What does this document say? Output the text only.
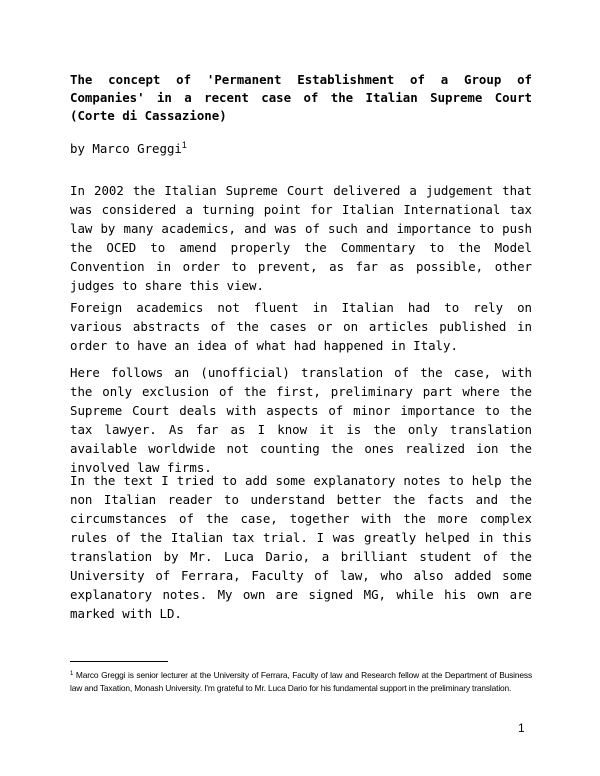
The concept of 'Permanent Establishment of a Group of Companies' in a recent case of the Italian Supreme Court (Corte di Cassazione)
by Marco Greggi$^1$

In 2002 the Italian Supreme Court delivered a judgement that was considered a turning point for Italian International tax law by many academics, and was of such and importance to push the OCED to amend properly the Commentary to the Model Convention in order to prevent, as far as possible, other judges to share this view.

Foreign academics not fluent in Italian had to rely on various abstracts of the cases or on articles published in order to have an idea of what had happened in Italy.

Here follows an (unofficial) translation of the case, with the only exclusion of the first, preliminary part where the Supreme Court deals with aspects of minor importance to the tax lawyer. As far as I know it is the only translation available worldwide not counting the ones realized ion the involved law firms.

In the text I tried to add some explanatory notes to help the non Italian reader to understand better the facts and the circumstances of the case, together with the more complex rules of the Italian tax trial. I was greatly helped in this translation by Mr. Luca Dario, a brilliant student of the University of Ferrara, Faculty of law, who also added some explanatory notes. My own are signed MG, while his own are marked with LD.

$^1$ Marco Greggi is senior lecturer at the University of Ferrara, Faculty of law and Research fellow at the Department of Business law and Taxation, Monash University. I'm grateful to Mr. Luca Dario for his fundamental support in the preliminary translation.

1
